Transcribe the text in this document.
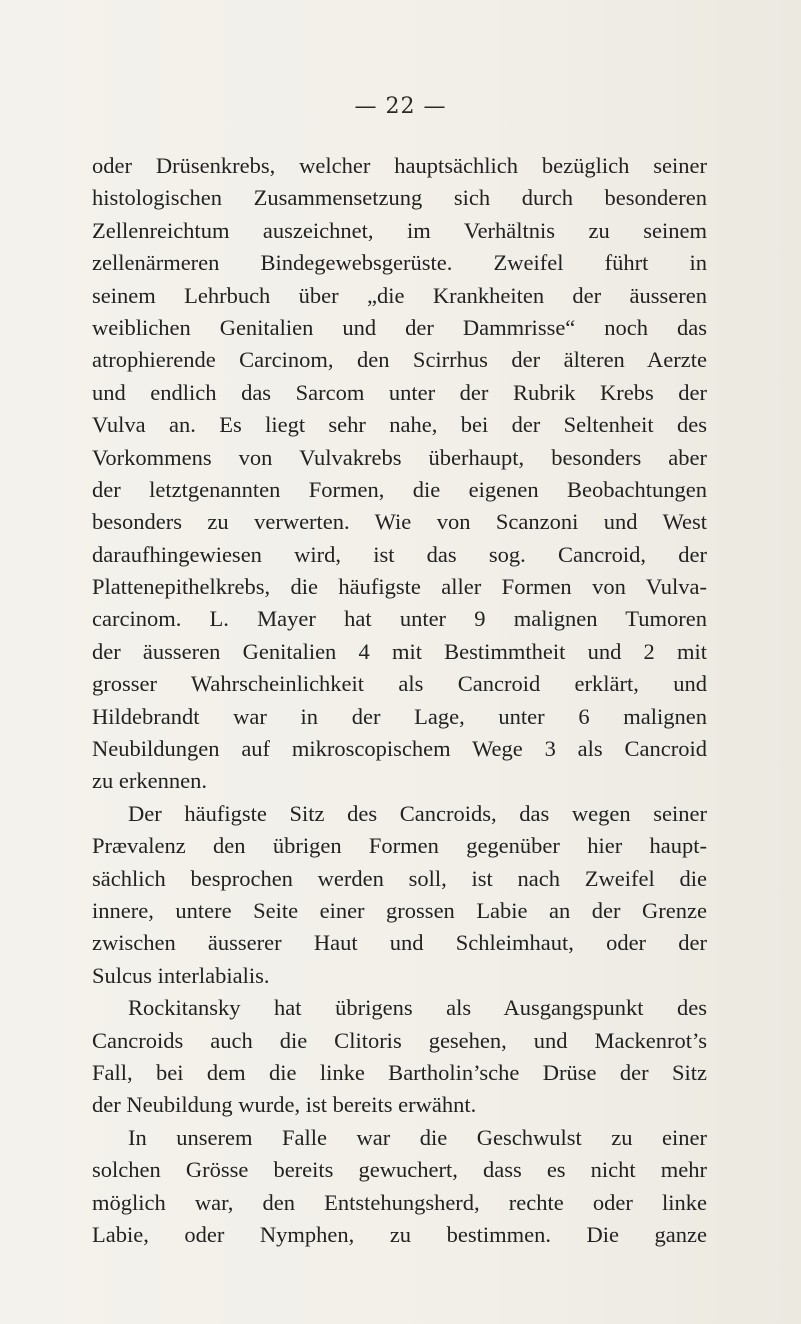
— 22 —
oder Drüsenkrebs, welcher hauptsächlich bezüglich seiner
histologischen Zusammensetzung sich durch besonderen
Zellenreichtum auszeichnet, im Verhältnis zu seinem
zellenärmeren Bindegewebsgerüste. Zweifel führt in
seinem Lehrbuch über „die Krankheiten der äusseren
weiblichen Genitalien und der Dammrisse“ noch das
atrophierende Carcinom, den Scirrhus der älteren Aerzte
und endlich das Sarcom unter der Rubrik Krebs der
Vulva an. Es liegt sehr nahe, bei der Seltenheit des
Vorkommens von Vulvakrebs überhaupt, besonders aber
der letztgenannten Formen, die eigenen Beobachtungen
besonders zu verwerten. Wie von Scanzoni und West
daraufhingewiesen wird, ist das sog. Cancroid, der
Plattenepithelkrebs, die häufigste aller Formen von Vulva-
carcinom. L. Mayer hat unter 9 malignen Tumoren
der äusseren Genitalien 4 mit Bestimmtheit und 2 mit
grosser Wahrscheinlichkeit als Cancroid erklärt, und
Hildebrandt war in der Lage, unter 6 malignen
Neubildungen auf mikroscopischem Wege 3 als Cancroid
zu erkennen.
Der häufigste Sitz des Cancroids, das wegen seiner
Prævalenz den übrigen Formen gegenüber hier haupt-
sächlich besprochen werden soll, ist nach Zweifel die
innere, untere Seite einer grossen Labie an der Grenze
zwischen äusserer Haut und Schleimhaut, oder der
Sulcus interlabialis.
Rockitansky hat übrigens als Ausgangspunkt des
Cancroids auch die Clitoris gesehen, und Mackenrot’s
Fall, bei dem die linke Bartholin’sche Drüse der Sitz
der Neubildung wurde, ist bereits erwähnt.
In unserem Falle war die Geschwulst zu einer
solchen Grösse bereits gewuchert, dass es nicht mehr
möglich war, den Entstehungsherd, rechte oder linke
Labie, oder Nymphen, zu bestimmen. Die ganze
